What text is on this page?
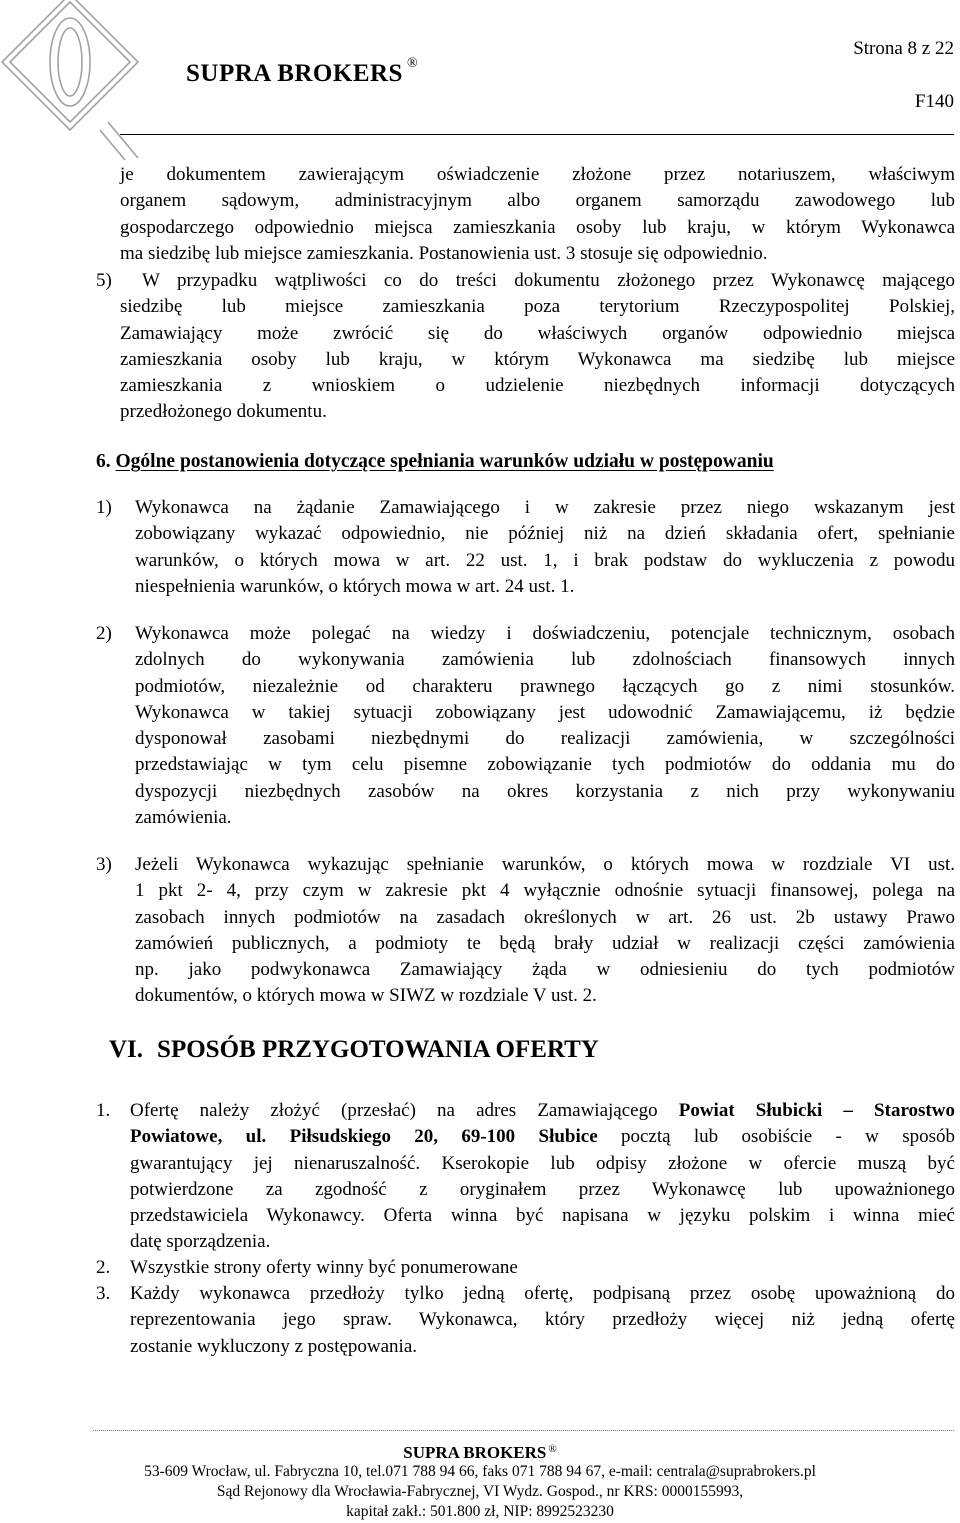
SUPRA BROKERS ®
Strona 8 z 22
F140
je dokumentem zawierającym oświadczenie złożone przez notariuszem, właściwym
organem sądowym, administracyjnym albo organem samorządu zawodowego lub
gospodarczego odpowiednio miejsca zamieszkania osoby lub kraju, w którym Wykonawca
ma siedzibę lub miejsce zamieszkania. Postanowienia ust. 3 stosuje się odpowiednio.
5)	W przypadku wątpliwości co do treści dokumentu złożonego przez Wykonawcę mającego
siedzibę lub miejsce zamieszkania poza terytorium Rzeczypospolitej Polskiej,
Zamawiający może zwrócić się do właściwych organów odpowiednio miejsca
zamieszkania osoby lub kraju, w którym Wykonawca ma siedzibę lub miejsce
zamieszkania z wnioskiem o udzielenie niezbędnych informacji dotyczących
przedłożonego dokumentu.
6. Ogólne postanowienia dotyczące spełniania warunków udziału w postępowaniu
1) Wykonawca na żądanie Zamawiającego i w zakresie przez niego wskazanym jest
zobowiązany wykazać odpowiednio, nie później niż na dzień składania ofert, spełnianie
warunków, o których mowa w art. 22 ust. 1, i brak podstaw do wykluczenia z powodu
niespełnienia warunków, o których mowa w art. 24 ust. 1.
2) Wykonawca może polegać na wiedzy i doświadczeniu, potencjale technicznym, osobach
zdolnych do wykonywania zamówienia lub zdolnościach finansowych innych
podmiotów, niezależnie od charakteru prawnego łączących go z nimi stosunków.
Wykonawca w takiej sytuacji zobowiązany jest udowodnić Zamawiającemu, iż będzie
dysponował zasobami niezbędnymi do realizacji zamówienia, w szczególności
przedstawiając w tym celu pisemne zobowiązanie tych podmiotów do oddania mu do
dyspozycji niezbędnych zasobów na okres korzystania z nich przy wykonywaniu
zamówienia.
3) Jeżeli Wykonawca wykazując spełnianie warunków, o których mowa w rozdziale VI ust.
1 pkt 2- 4, przy czym w zakresie pkt 4 wyłącznie odnośnie sytuacji finansowej, polega na
zasobach innych podmiotów na zasadach określonych w art. 26 ust. 2b ustawy Prawo
zamówień publicznych, a podmioty te będą brały udział w realizacji części zamówienia
np. jako podwykonawca Zamawiający żąda w odniesieniu do tych podmiotów
dokumentów, o których mowa w SIWZ w rozdziale V ust. 2.
VI. SPOSÓB PRZYGOTOWANIA OFERTY
1. Ofertę należy złożyć (przesłać) na adres Zamawiającego Powiat Słubicki – Starostwo
Powiatowe, ul. Piłsudskiego 20, 69-100 Słubice pocztą lub osobiście - w sposób
gwarantujący jej nienaruszalność. Kserokopie lub odpisy złożone w ofercie muszą być
potwierdzone za zgodność z oryginałem przez Wykonawcę lub upoważnionego
przedstawiciela Wykonawcy. Oferta winna być napisana w języku polskim i winna mieć
datę sporządzenia.
2. Wszystkie strony oferty winny być ponumerowane
3. Każdy wykonawca przedłoży tylko jedną ofertę, podpisaną przez osobę upoważnioną do
reprezentowania jego spraw. Wykonawca, który przedłoży więcej niż jedną ofertę
zostanie wykluczony z postępowania.
SUPRA BROKERS ®
53-609 Wrocław, ul. Fabryczna 10, tel.071 788 94 66, faks 071 788 94 67, e-mail: centrala@suprabrokers.pl
Sąd Rejonowy dla Wrocławia-Fabrycznej, VI Wydz. Gospod., nr KRS: 0000155993,
kapitał zakł.: 501.800 zł, NIP: 8992523230
